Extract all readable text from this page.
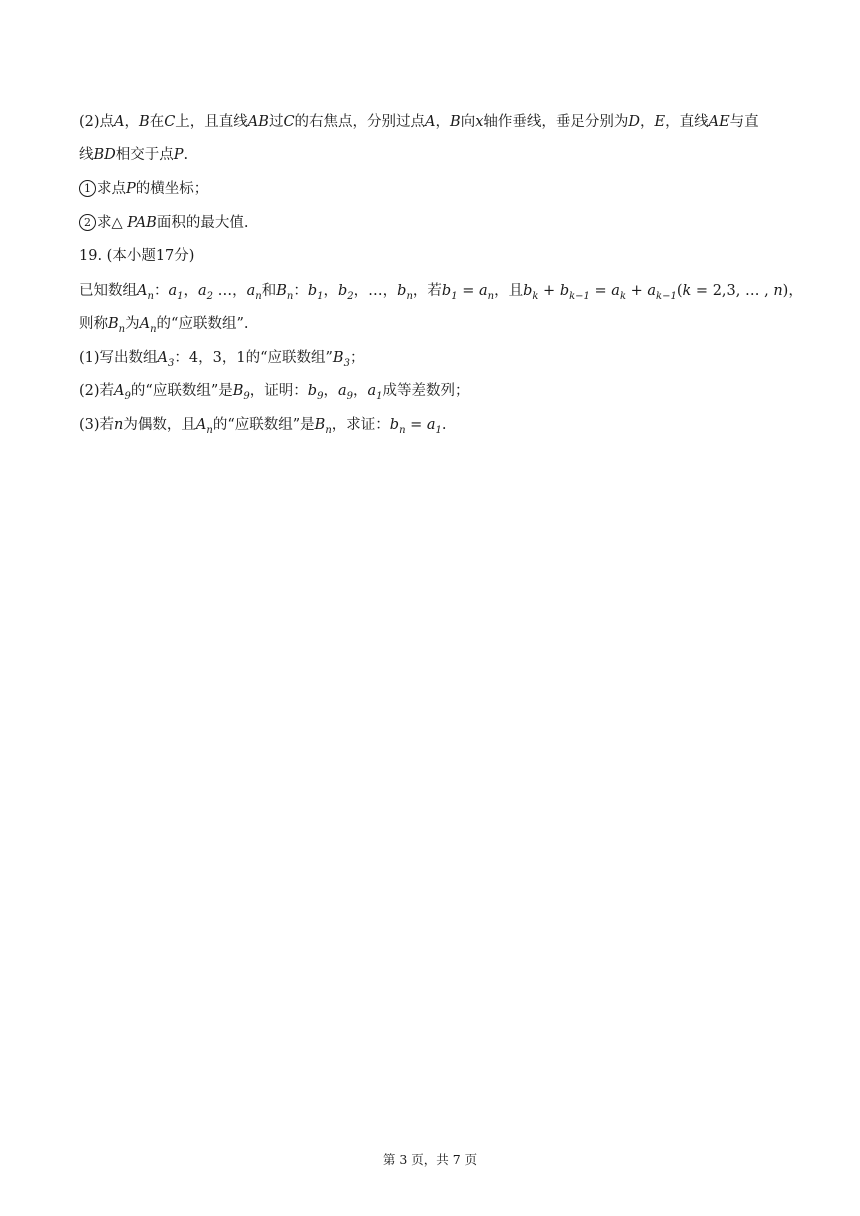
(2)点A，B在C上，且直线AB过C的右焦点，分别过点A，B向x轴作垂线，垂足分别为D，E，直线AE与直
线BD相交于点P.
1 求点P的横坐标；
2 求△ PAB面积的最大值.
19. (本小题17分)
已知数组$A_n$：$a_1$，$a_2$ …，$a_n$和$B_n$：$b_1$，$b_2$，…，$b_n$，若$b_1 = a_n$，且$b_k + b_{k-1} = a_k + a_{k-1}(k = 2,3$, … , n)，
则称$B_n$为$A_n$的“应联数组”.
(1)写出数组$A_3$：4，3，1的“应联数组$”B_3$；
(2)若$A_9$的“应联数组”是$B_9$，证明：$b_9$，$a_9$，$a_1$成等差数列；
(3)若n为偶数，且$A_n$的“应联数组”是$B_n$，求证：$b_n = a_1$.
第 3 页，共 7 页
